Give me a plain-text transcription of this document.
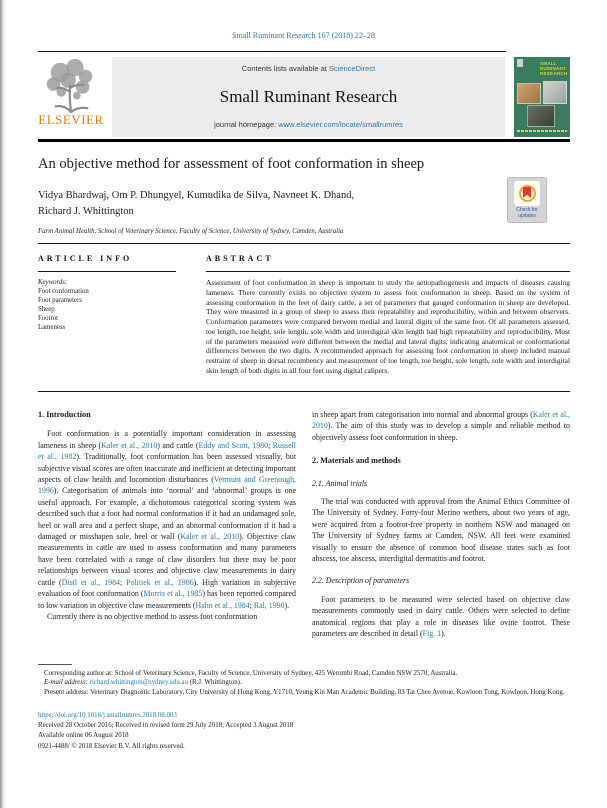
Small Ruminant Research 167 (2018) 22–28
ELSEVIER
Contents lists available at ScienceDirect
Small Ruminant Research
journal homepage: www.elsevier.com/locate/smallrumres
SMALL RUMINANT RESEARCH
An objective method for assessment of foot conformation in sheep
Vidya Bhardwaj, Om P. Dhungyel, Kumudika de Silva, Navneet K. Dhand,
Richard J. Whittington	Check for
updates
Farm Animal Health, School of Veterinary Science, Faculty of Science, University of Sydney, Camden, Australia
ARTICLE INFO	ABSTRACT
Keywords:
Foot conformation
Foot parameters
Sheep
Footrot
Lameness
Assessment of foot conformation in sheep is important to study the aetiopathogenesis and impacts of diseases causing lameness. There currently exists no objective system to assess foot conformation in sheep. Based on the system of assessing conformation in the feet of dairy cattle, a set of parameters that gauged conformation in sheep are developed. They were measured in a group of sheep to assess their repeatability and reproducibility, within and between observers. Conformation parameters were compared between medial and lateral digits of the same foot. Of all parameters assessed, toe length, toe height, sole length, sole width and interdigital skin length had high repeatability and reproducibility. Most of the parameters measured were different between the medial and lateral digits, indicating anatomical or conformational differences between the two digits. A recommended approach for assessing foot conformation in sheep included manual restraint of sheep in dorsal recumbency and measurement of toe length, toe height, sole length, sole width and interdigital skin length of both digits in all four feet using digital calipers.
1. Introduction

Foot conformation is a potentially important consideration in assessing lameness in sheep (Kaler et al., 2010) and cattle (Eddy and Scott, 1980; Russell et al., 1982). Traditionally, foot conformation has been assessed visually, but subjective visual scores are often inaccurate and inefficient at detecting important aspects of claw health and locomotion disturbances (Vermunt and Greenough, 1996). Categorisation of animals into ‘normal’ and ‘abnormal’ groups is one useful approach. For example, a dichotomous categorical scoring system was described such that a foot had normal conformation if it had an undamaged sole, heel or wall area and a perfect shape, and an abnormal conformation if it had a damaged or misshapen sole, heel or wall (Kaler et al., 2010). Objective claw measurements in cattle are used to assess conformation and many parameters have been correlated with a range of claw disorders but there may be poor relationships between visual scores and objective claw measurements in dairy cattle (Distl et al., 1984; Politiek et al., 1986). High variation in subjective evaluation of foot conformation (Morris et al., 1985) has been reported compared to low variation in objective claw measurements (Hahn et al., 1984; Ral, 1990).

Currently there is no objective method to assess foot conformation

in sheep apart from categorisation into normal and abnormal groups (Kaler et al., 2010). The aim of this study was to develop a simple and reliable method to objectively assess foot conformation in sheep.

2. Materials and methods
2.1. Animal trials

The trial was conducted with approval from the Animal Ethics Committee of The University of Sydney. Forty-four Merino wethers, about two years of age, were acquired from a footrot-free property in northern NSW and managed on The University of Sydney farms at Camden, NSW. All feet were examined visually to ensure the absence of common hoof disease states such as foot abscess, toe abscess, interdigital dermatitis and footrot.

2.2. Description of parameters

Foot parameters to be measured were selected based on objective claw measurements commonly used in dairy cattle. Others were selected to define anatomical regions that play a role in diseases like ovine footrot. These parameters are described in detail (Fig. 1).

Corresponding author at: School of Veterinary Science, Faculty of Science, University of Sydney, 425 Werombi Road, Camden NSW 2570, Australia.
E-mail address: richard.whittington@sydney.edu.au (R.J. Whittington).
Present address: Veterinary Diagnostic Laboratory, City University of Hong Kong, Y1710, Yeung Kin Man Academic Building, 83 Tat Chee Avenue, Kowloon Tong, Kowloon, Hong Kong.
https://doi.org/10.1016/j.smallrumres.2018.08.003
Received 28 October 2016; Received in revised form 29 July 2018; Accepted 3 August 2018
Available online 06 August 2018
0921-4488/ © 2018 Elsevier B.V. All rights reserved.
